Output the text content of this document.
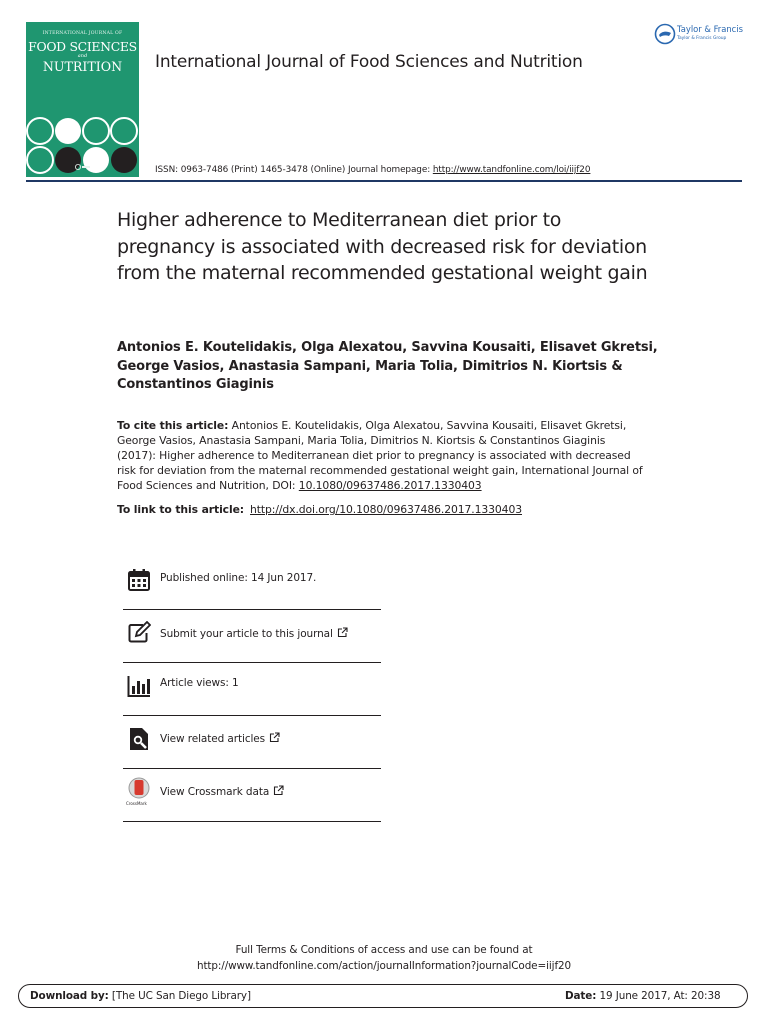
INTERNATIONAL JOURNAL OF
FOOD SCIENCES
and
NUTRITION	International Journal of Food Sciences and Nutrition
ISSN: 0963-7486 (Print) 1465-3478 (Online) Journal homepage: http://www.tandfonline.com/loi/iijf20
Taylor & Francis
Taylor & Francis Group
Higher adherence to Mediterranean diet prior to pregnancy is associated with decreased risk for deviation from the maternal recommended gestational weight gain
Antonios E. Koutelidakis, Olga Alexatou, Savvina Kousaiti, Elisavet Gkretsi, George Vasios, Anastasia Sampani, Maria Tolia, Dimitrios N. Kiortsis & Constantinos Giaginis
To cite this article: Antonios E. Koutelidakis, Olga Alexatou, Savvina Kousaiti, Elisavet Gkretsi, George Vasios, Anastasia Sampani, Maria Tolia, Dimitrios N. Kiortsis & Constantinos Giaginis (2017): Higher adherence to Mediterranean diet prior to pregnancy is associated with decreased risk for deviation from the maternal recommended gestational weight gain, International Journal of Food Sciences and Nutrition, DOI: 10.1080/09637486.2017.1330403
To link to this article: http://dx.doi.org/10.1080/09637486.2017.1330403
Published online: 14 Jun 2017.
Submit your article to this journal
Article views: 1
View related articles
CrossMark
View Crossmark data
Full Terms & Conditions of access and use can be found at
http://www.tandfonline.com/action/journalInformation?journalCode=iijf20
Download by: [The UC San Diego Library]	Date: 19 June 2017, At: 20:38
